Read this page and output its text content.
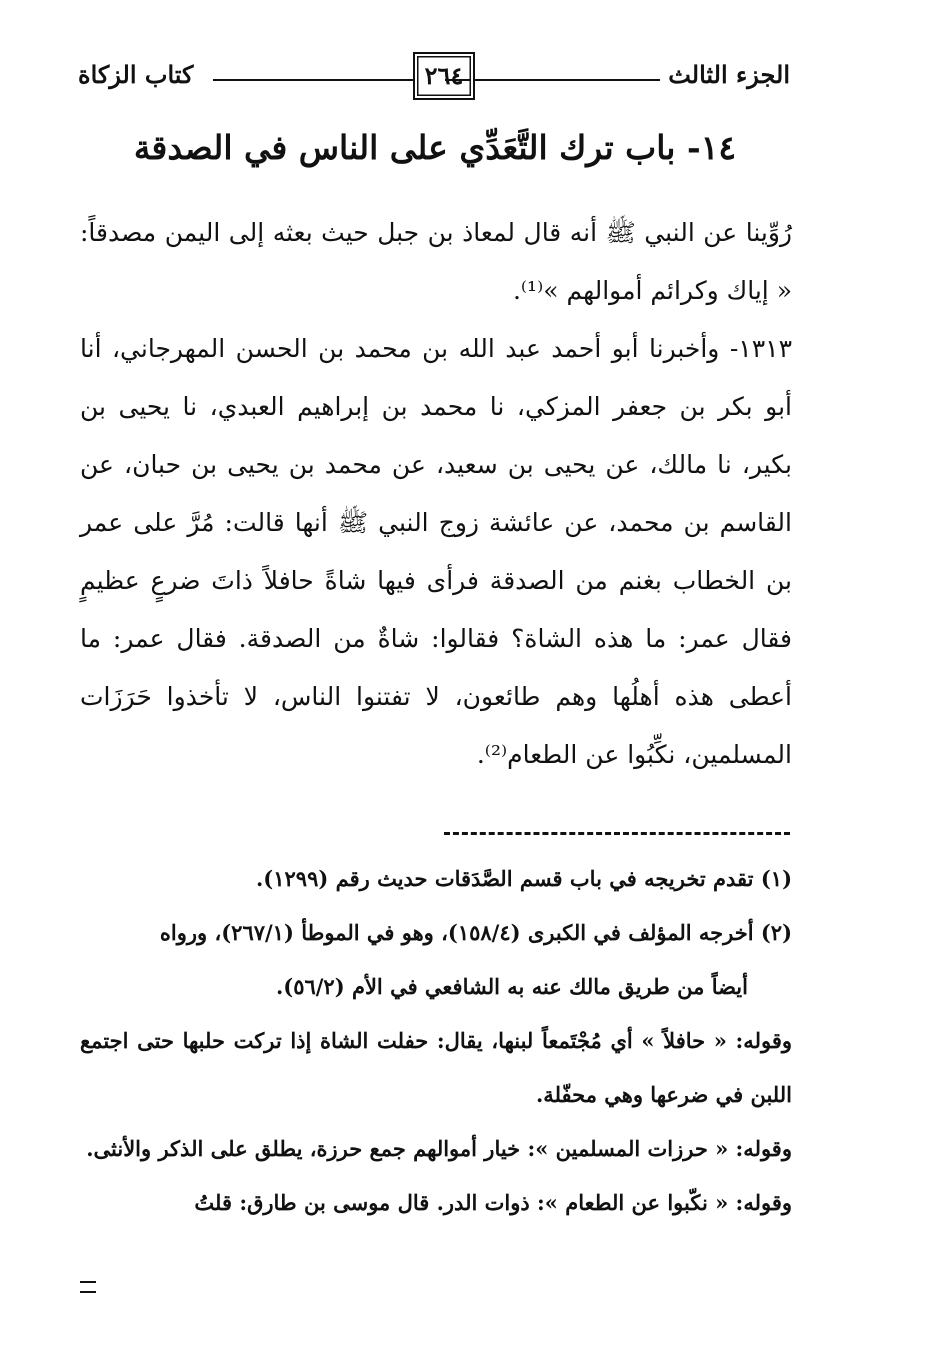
الجزء الثالث
٢٦٤
كتاب الزكاة
١٤- باب ترك التَّعَدِّي على الناس في الصدقة

رُوِّينا عن النبي ﷺ أنه قال لمعاذ بن جبل حيث بعثه إلى اليمن مصدقاً: « إياك وكرائم أموالهم »⁽¹⁾.

١٣١٣- وأخبرنا أبو أحمد عبد الله بن محمد بن الحسن المهرجاني، أنا أبو بكر بن جعفر المزكي، نا محمد بن إبراهيم العبدي، نا يحيى بن بكير، نا مالك، عن يحيى بن سعيد، عن محمد بن يحيى بن حبان، عن القاسم بن محمد، عن عائشة زوج النبي ﷺ أنها قالت: مُرَّ على عمر بن الخطاب بغنم من الصدقة فرأى فيها شاةً حافلاً ذاتَ ضرعٍ عظيمٍ فقال عمر: ما هذه الشاة؟ فقالوا: شاةٌ من الصدقة. فقال عمر: ما أعطى هذه أهلُها وهم طائعون، لا تفتنوا الناس، لا تأخذوا حَرَزَات المسلمين، نكِّبُوا عن الطعام⁽²⁾.

(١) تقدم تخريجه في باب قسم الصَّدَقات حديث رقم (١٢٩٩).

(٢) أخرجه المؤلف في الكبرى (١٥٨/٤)، وهو في الموطأ (٢٦٧/١)، ورواه

أيضاً من طريق مالك عنه به الشافعي في الأم (٥٦/٢).

وقوله: « حافلاً » أي مُجْتَمعاً لبنها، يقال: حفلت الشاة إذا تركت حلبها حتى اجتمع اللبن في ضرعها وهي محفّلة.

وقوله: « حرزات المسلمين »: خيار أموالهم جمع حرزة، يطلق على الذكر والأنثى.

وقوله: « نكّبوا عن الطعام »: ذوات الدر. قال موسى بن طارق: قلتُ
